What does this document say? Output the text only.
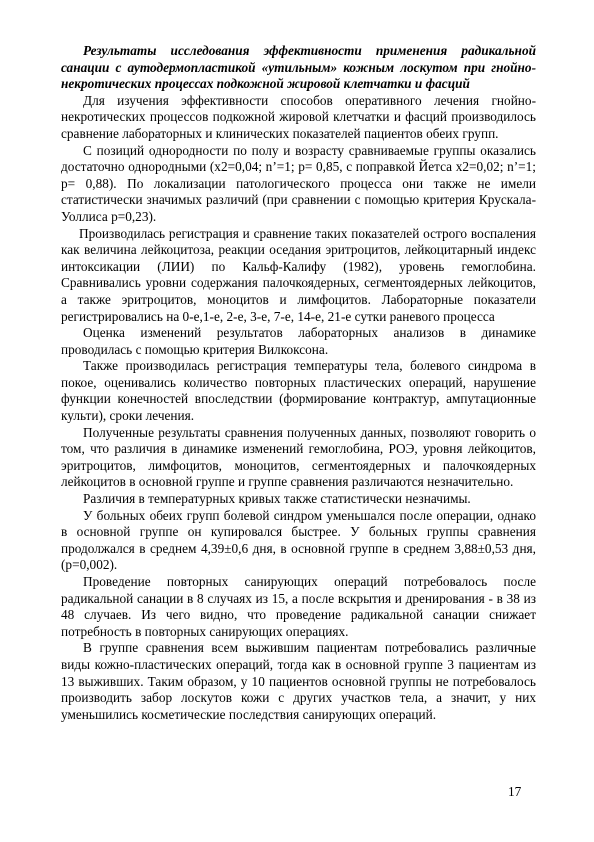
Результаты исследования эффективности применения радикальной санации с аутодермопластикой «утильным» кожным лоскутом при гнойно-некротических процессах подкожной жировой клетчатки и фасций

Для изучения эффективности способов оперативного лечения гнойно-некротических процессов подкожной жировой клетчатки и фасций производилось сравнение лабораторных и клинических показателей пациентов обеих групп.

С позиций однородности по полу и возрасту сравниваемые группы оказались достаточно однородными (x2=0,04; n’=1; p= 0,85, с поправкой Йетса x2=0,02; n’=1; p= 0,88). По локализации патологического процесса они также не имели статистически значимых различий (при сравнении с помощью критерия Крускала-Уоллиса p=0,23).

Производилась регистрация и сравнение таких показателей острого воспаления как величина лейкоцитоза, реакции оседания эритроцитов, лейкоцитарный индекс интоксикации (ЛИИ) по Кальф-Калифу (1982), уровень гемоглобина. Сравнивались уровни содержания палочкоядерных, сегментоядерных лейкоцитов, а также эритроцитов, моноцитов и лимфоцитов. Лабораторные показатели регистрировались на 0-е,1-е, 2-е, 3-е, 7-е, 14-е, 21-е сутки раневого процесса

Оценка изменений результатов лабораторных анализов в динамике проводилась с помощью критерия Вилкоксона.

Также производилась регистрация температуры тела, болевого синдрома в покое, оценивались количество повторных пластических операций, нарушение функции конечностей впоследствии (формирование контрактур, ампутационные культи), сроки лечения.

Полученные результаты сравнения полученных данных, позволяют говорить о том, что различия в динамике изменений гемоглобина, РОЭ, уровня лейкоцитов, эритроцитов, лимфоцитов, моноцитов, сегментоядерных и палочкоядерных лейкоцитов в основной группе и группе сравнения различаются незначительно.

Различия в температурных кривых также статистически незначимы.

У больных обеих групп болевой синдром уменьшался после операции, однако в основной группе он купировался быстрее. У больных группы сравнения продолжался в среднем 4,39±0,6 дня, в основной группе в среднем 3,88±0,53 дня, (p=0,002).

Проведение повторных санирующих операций потребовалось после радикальной санации в 8 случаях из 15, а после вскрытия и дренирования - в 38 из 48 случаев. Из чего видно, что проведение радикальной санации снижает потребность в повторных санирующих операциях.

В группе сравнения всем выжившим пациентам потребовались различные виды кожно-пластических операций, тогда как в основной группе 3 пациентам из 13 выживших. Таким образом, у 10 пациентов основной группы не потребовалось производить забор лоскутов кожи с других участков тела, а значит, у них уменьшились косметические последствия санирующих операций.

17
